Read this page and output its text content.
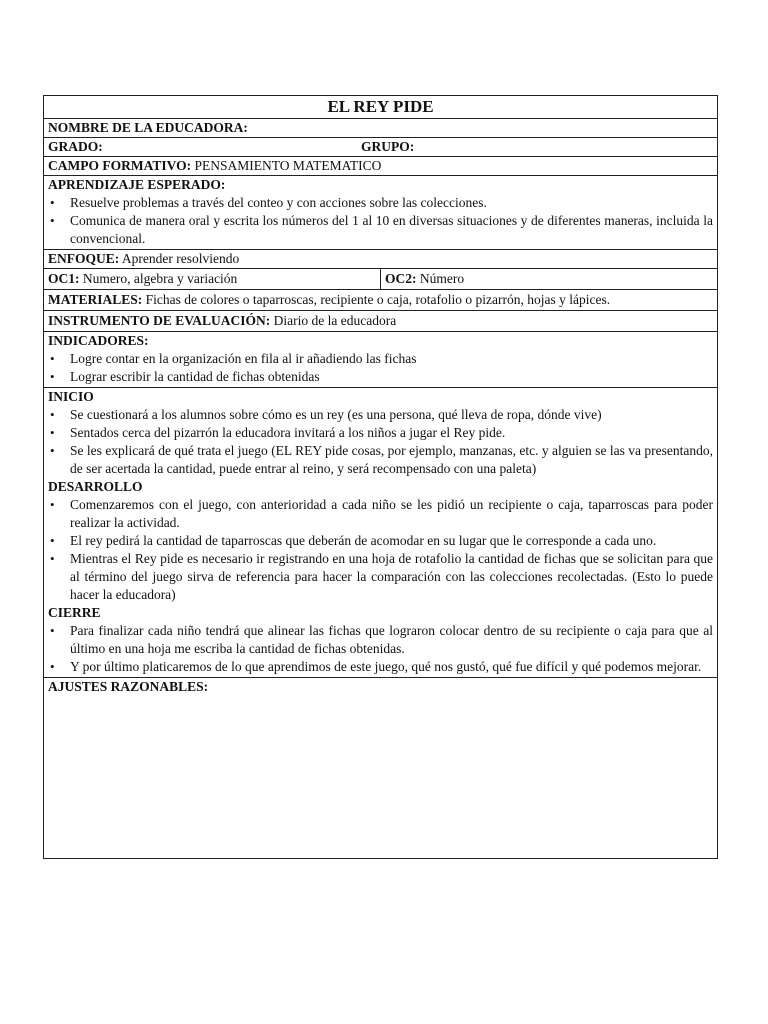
EL REY PIDE
NOMBRE DE LA EDUCADORA:
GRADO:	GRUPO:
CAMPO FORMATIVO: PENSAMIENTO MATEMATICO
APRENDIZAJE ESPERADO:
• Resuelve problemas a través del conteo y con acciones sobre las colecciones.
• Comunica de manera oral y escrita los números del 1 al 10 en diversas situaciones y de diferentes maneras, incluida la convencional.
ENFOQUE: Aprender resolviendo
OC1: Numero, algebra y variación	OC2: Número
MATERIALES: Fichas de colores o taparroscas, recipiente o caja, rotafolio o pizarrón, hojas y lápices.
INSTRUMENTO DE EVALUACIÓN: Diario de la educadora
INDICADORES:
• Logre contar en la organización en fila al ir añadiendo las fichas
• Lograr escribir la cantidad de fichas obtenidas
INICIO
• Se cuestionará a los alumnos sobre cómo es un rey (es una persona, qué lleva de ropa, dónde vive)
• Sentados cerca del pizarrón la educadora invitará a los niños a jugar el Rey pide.
• Se les explicará de qué trata el juego (EL REY pide cosas, por ejemplo, manzanas, etc. y alguien se las va presentando, de ser acertada la cantidad, puede entrar al reino, y será recompensado con una paleta)
DESARROLLO
• Comenzaremos con el juego, con anterioridad a cada niño se les pidió un recipiente o caja, taparroscas para poder realizar la actividad.
• El rey pedirá la cantidad de taparroscas que deberán de acomodar en su lugar que le corresponde a cada uno.
• Mientras el Rey pide es necesario ir registrando en una hoja de rotafolio la cantidad de fichas que se solicitan para que al término del juego sirva de referencia para hacer la comparación con las colecciones recolectadas. (Esto lo puede hacer la educadora)
CIERRE
• Para finalizar cada niño tendrá que alinear las fichas que lograron colocar dentro de su recipiente o caja para que al último en una hoja me escriba la cantidad de fichas obtenidas.
• Y por último platicaremos de lo que aprendimos de este juego, qué nos gustó, qué fue difícil y qué podemos mejorar.
AJUSTES RAZONABLES:
